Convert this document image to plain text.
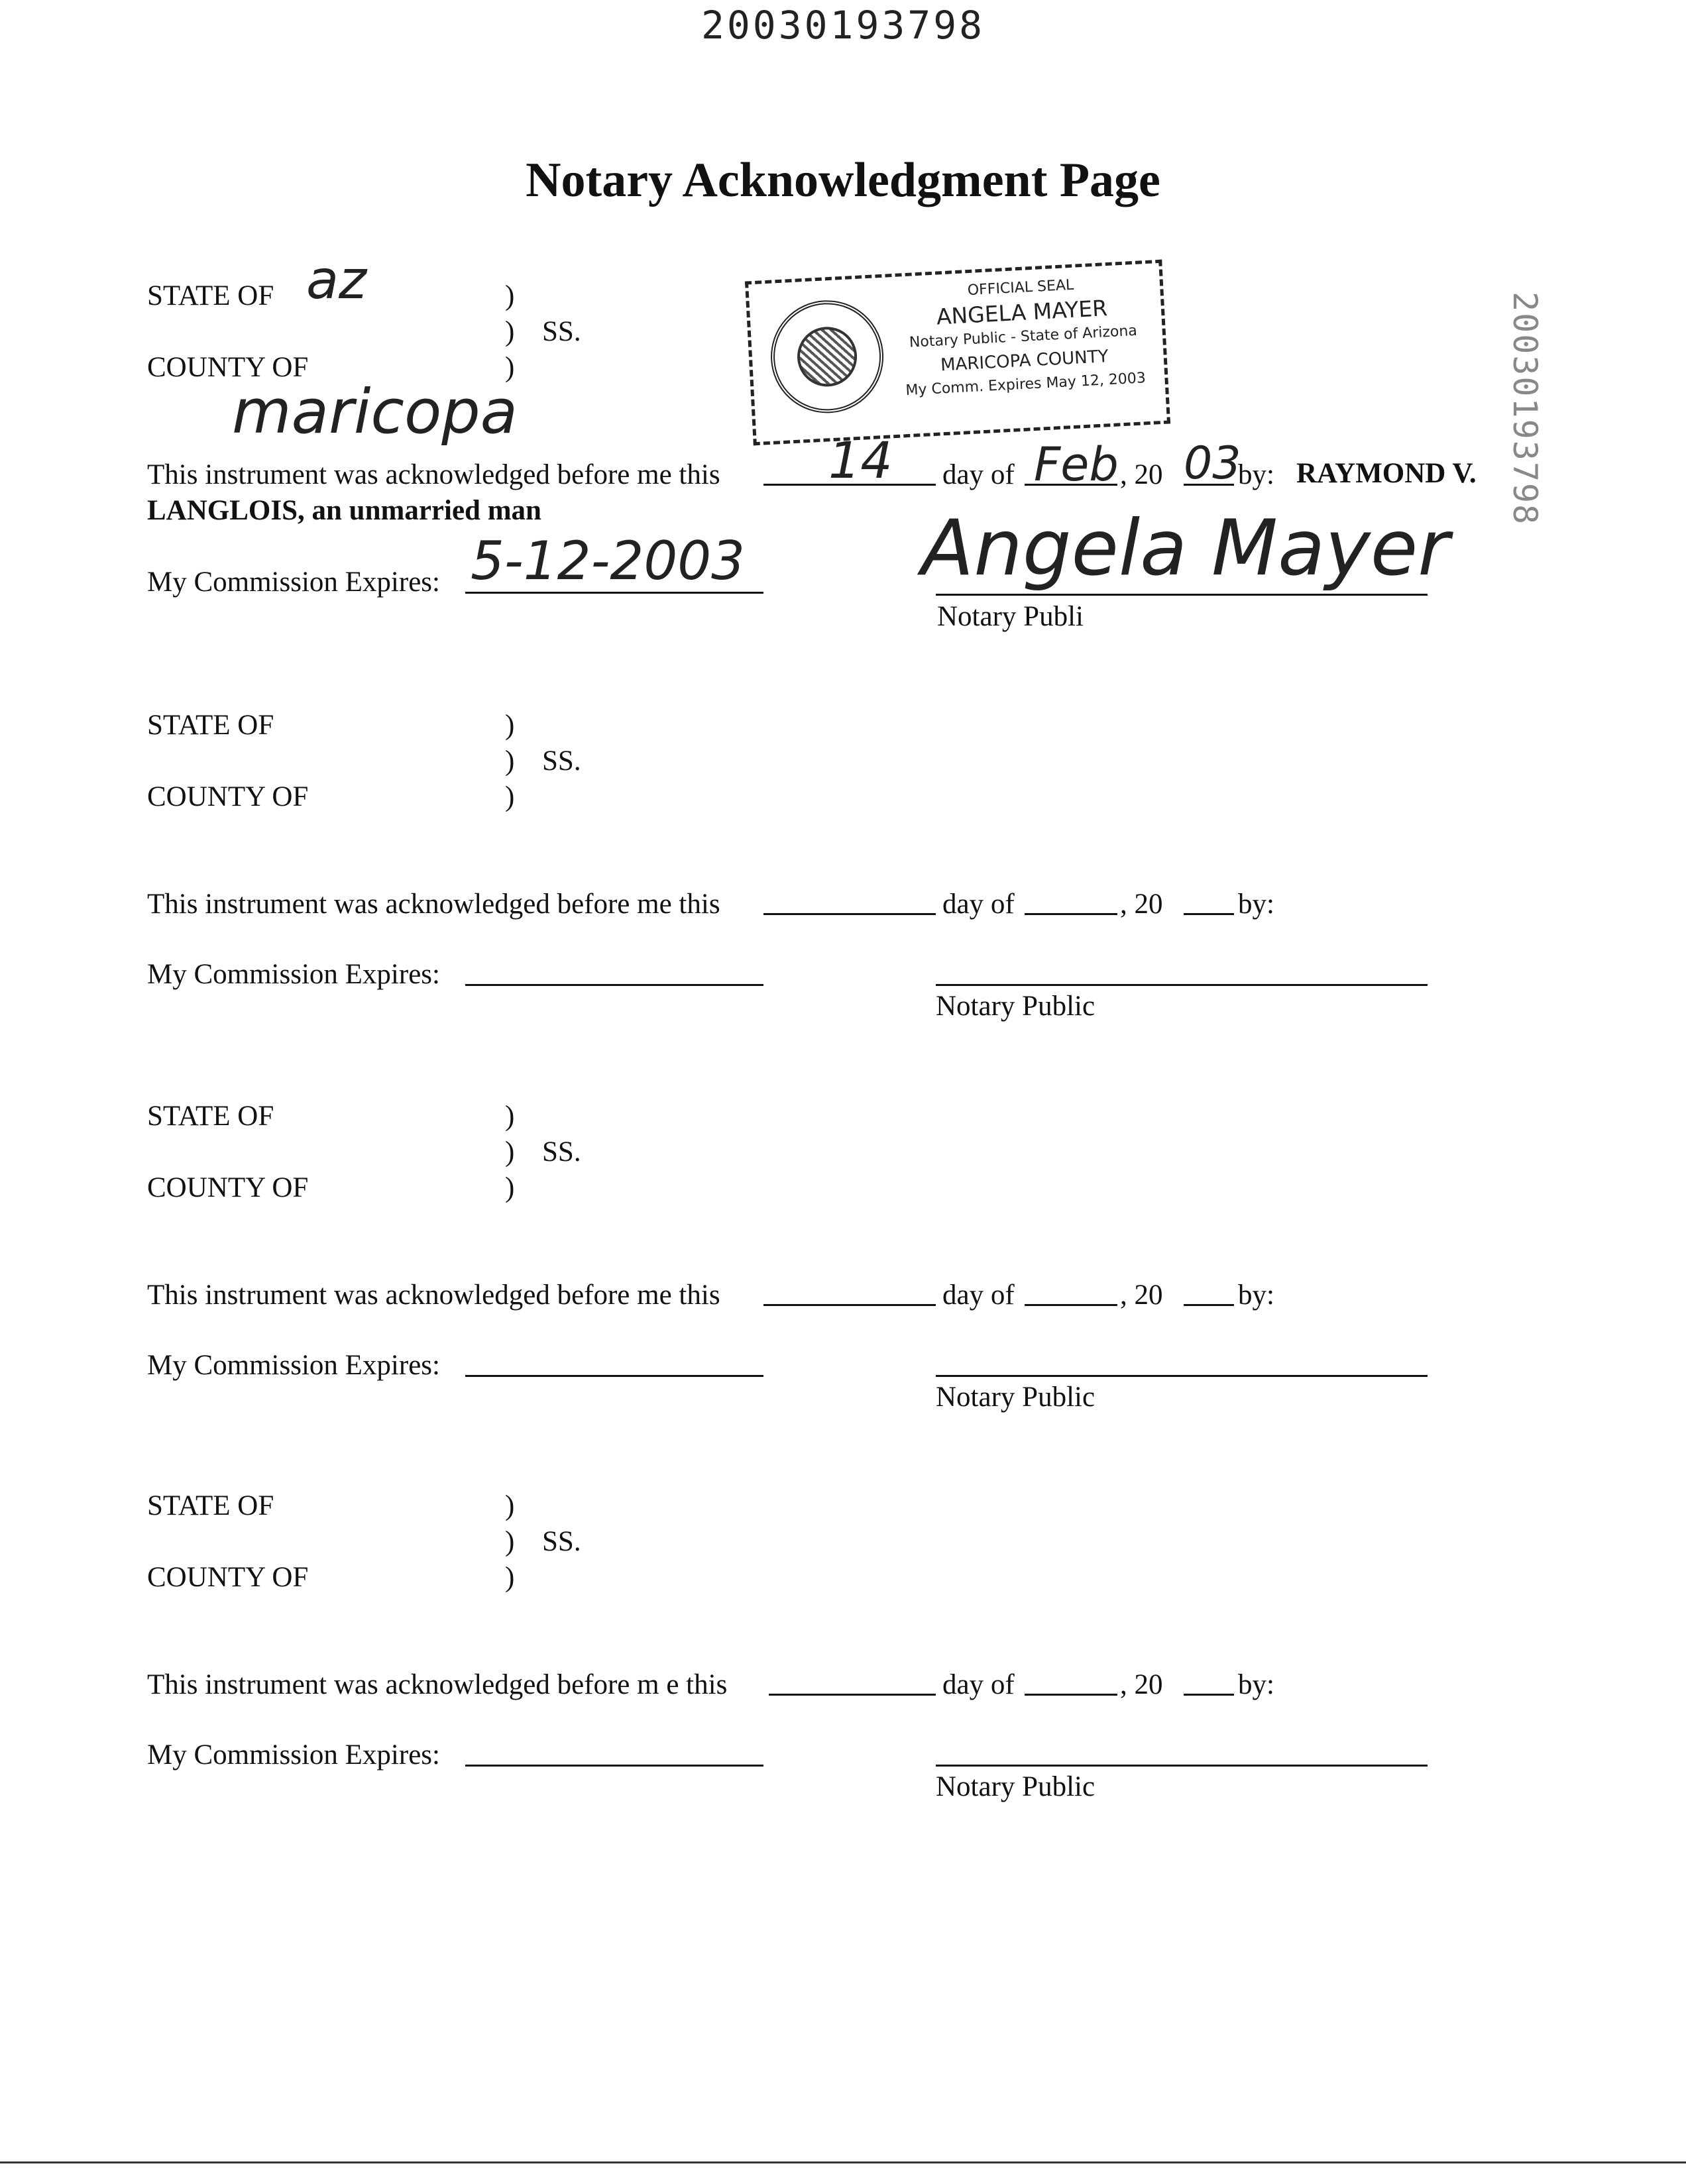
20030193798
20030193798
Notary Acknowledgment Page
STATE OF az	)
) SS.
COUNTY OF	)
maricopa
OFFICIAL SEAL
ANGELA MAYER
Notary Public - State of Arizona
MARICOPA COUNTY
My Comm. Expires May 12, 2003
This instrument was acknowledged before me this 14 day of Feb , 20 03
by: RAYMOND V.
LANGLOIS, an unmarried man
My Commission Expires: 5-12-2003 Angela Mayer
Notary Publi
STATE OF	)
) SS.
COUNTY OF	)
This instrument was acknowledged before me this	day of	, 20	by:
My Commission Expires:
Notary Public
STATE OF	)
) SS.
COUNTY OF	)
This instrument was acknowledged before me this	day of	, 20	by:
My Commission Expires:
Notary Public
STATE OF	)
) SS.
COUNTY OF	)
This instrument was acknowledged before m e this	day of	, 20	by:
My Commission Expires:
Notary Public
